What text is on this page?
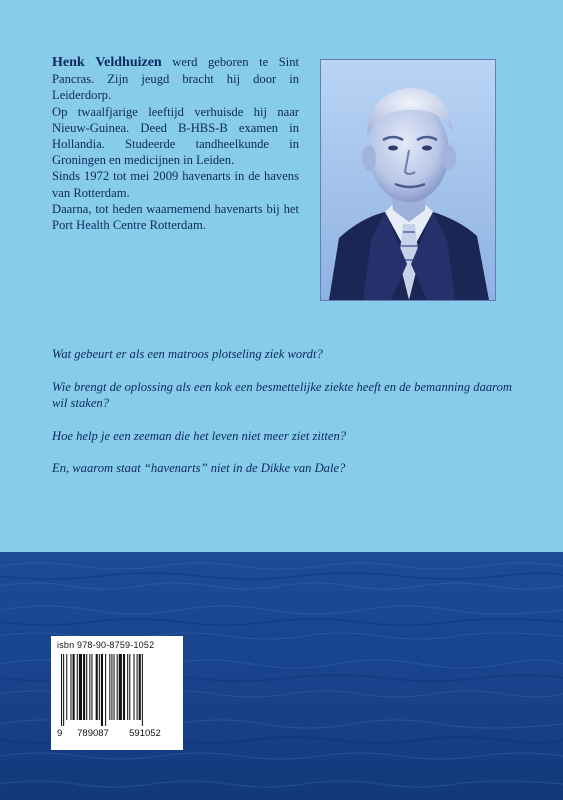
Henk Veldhuizen werd geboren te Sint Pancras. Zijn jeugd bracht hij door in Leiderdorp.

Op twaalfjarige leeftijd verhuisde hij naar Nieuw-Guinea. Deed B-HBS-B examen in Hollandia. Studeerde tandheelkunde in Groningen en medicijnen in Leiden.

Sinds 1972 tot mei 2009 havenarts in de havens van Rotterdam.

Daarna, tot heden waarnemend havenarts bij het Port Health Centre Rotterdam.

Wat gebeurt er als een matroos plotseling ziek wordt?

Wie brengt de oplossing als een kok een besmettelijke ziekte heeft en de bemanning daarom wil staken?

Hoe help je een zeeman die het leven niet meer ziet zitten?

En, waarom staat “havenarts” niet in de Dikke van Dale?

isbn 978-90-8759-1052
9 789087 591052
